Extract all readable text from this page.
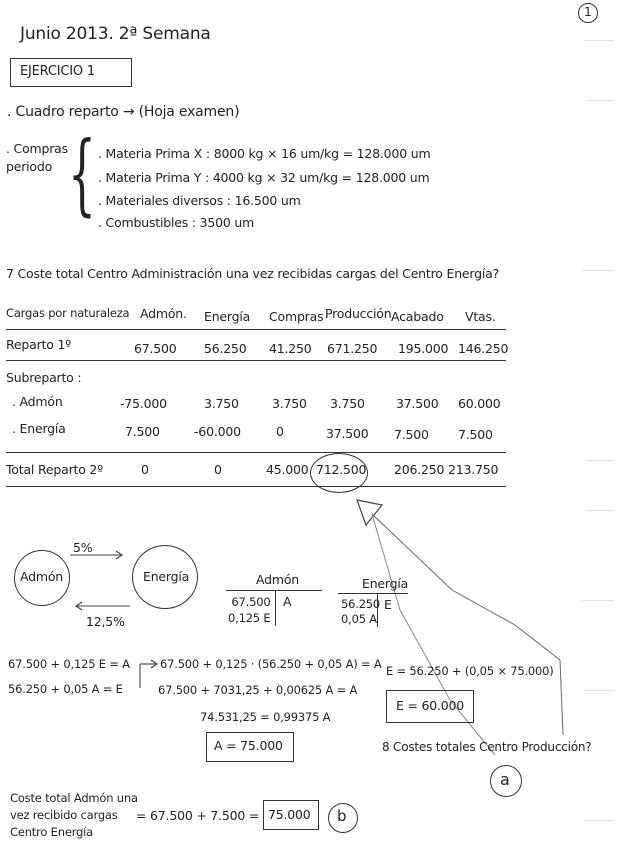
1
Junio 2013. 2ª Semana
EJERCICIO 1
. Cuadro reparto → (Hoja examen)
. Compras
periodo { . Materia Prima X : 8000 kg × 16 um/kg = 128.000 um
. Materia Prima Y : 4000 kg × 32 um/kg = 128.000 um
. Materiales diversos : 16.500 um
. Combustibles : 3500 um
7 Coste total Centro Administración una vez recibidas cargas del Centro Energía?
Cargas por naturaleza Admón. Energía Compras Producción Acabado Vtas.
Reparto 1º	67.500 56.250 41.250 671.250 195.000 146.250
Subreparto :
. Admón	-75.000	3.750	3.750 3.750 37.500 60.000
. Energía	7.500	-60.000	0	37.500 7.500 7.500
Total Reparto 2º	0	0	45.000 712.500 206.250 213.750
Admón	Energía
5%
12,5%
Admón
67.500
0,125 E
A
Energía
56.250
0,05 A
E
67.500 + 0,125 E = A
56.250 + 0,05 A = E
67.500 + 0,125 · (56.250 + 0,05 A) = A
67.500 + 7031,25 + 0,00625 A = A
74.531,25 = 0,99375 A
A = 75.000
E = 56.250 + (0,05 × 75.000)
E = 60.000
8 Costes totales Centro Producción?
a
Coste total Admón una
vez recibido cargas
Centro Energía
= 67.500 + 7.500 = 75.000 b
